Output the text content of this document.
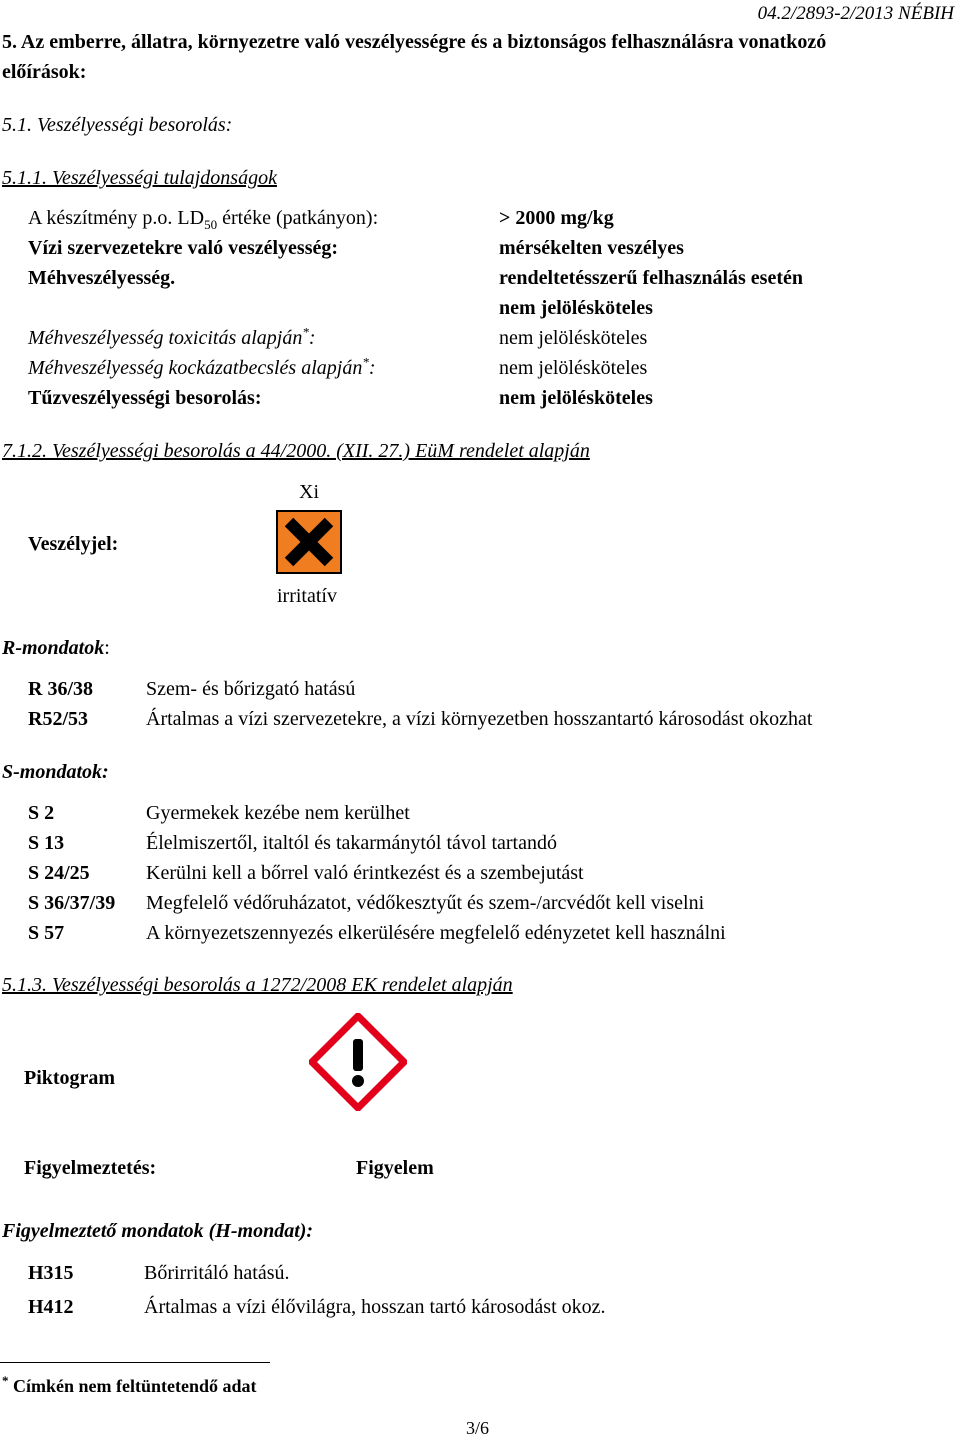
04.2/2893-2/2013 NÉBIH
5. Az emberre, állatra, környezetre való veszélyességre és a biztonságos felhasználásra vonatkozó
előírások:
5.1. Veszélyességi besorolás:
5.1.1. Veszélyességi tulajdonságok
A készítmény p.o. $LD_{50}$ értéke (patkányon):	> 2000 mg/kg
Vízi szervezetekre való veszélyesség:	mérsékelten veszélyes
Méhveszélyesség.	rendeltetésszerű felhasználás esetén
nem jelölésköteles
Méhveszélyesség toxicitás alapján*:	nem jelölésköteles
Méhveszélyesség kockázatbecslés alapján*:	nem jelölésköteles
Tűzveszélyességi besorolás:	nem jelölésköteles
7.1.2. Veszélyességi besorolás a 44/2000. (XII. 27.) EüM rendelet alapján
Xi
Veszélyjel:
irritatív
R-mondatok:
R 36/38	Szem- és bőrizgató hatású
R52/53	Ártalmas a vízi szervezetekre, a vízi környezetben hosszantartó károsodást okozhat
S-mondatok:
S 2	Gyermekek kezébe nem kerülhet
S 13	Élelmiszertől, italtól és takarmánytól távol tartandó
S 24/25	Kerülni kell a bőrrel való érintkezést és a szembejutást
S 36/37/39 Megfelelő védőruházatot, védőkesztyűt és szem-/arcvédőt kell viselni
S 57	A környezetszennyezés elkerülésére megfelelő edényzetet kell használni
5.1.3. Veszélyességi besorolás a 1272/2008 EK rendelet alapján
Piktogram
Figyelmeztetés:	Figyelem
Figyelmeztető mondatok (H-mondat):
H315	Bőrirritáló hatású.
H412	Ártalmas a vízi élővilágra, hosszan tartó károsodást okoz.
* Címkén nem feltüntetendő adat
3/6
